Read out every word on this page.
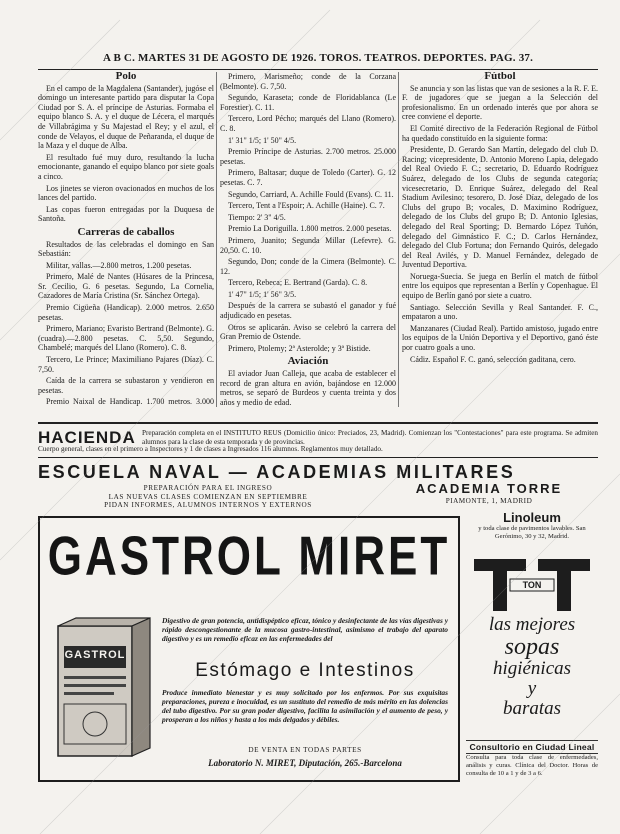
A B C. MARTES 31 DE AGOSTO DE 1926. TOROS. TEATROS. DEPORTES. PAG. 37.
Polo

En el campo de la Magdalena (Santander), jugóse el domingo un interesante partido para disputar la Copa Ciudad por S. A. el príncipe de Asturias. Formaba el equipo blanco S. A. y el duque de Lécera, el marqués de Villabrágima y Su Majestad el Rey; y el azul, el conde de Velayos, el duque de Peñaranda, el duque de la Maza y el duque de Alba.

El resultado fué muy duro, resultando la lucha emocionante, ganando el equipo blanco por siete goals a cinco.

Los jinetes se vieron ovacionados en muchos de los lances del partido.

Las copas fueron entregadas por la Duquesa de Santoña.

Carreras de caballos

Resultados de las celebradas el domingo en San Sebastián:

Militar, vallas.—2.800 metros, 1.200 pesetas.

Primero, Malé de Nantes (Húsares de la Princesa, Sr. Cecilio, G. 6 pesetas. Segundo, La Cornelia, Cazadores de María Cristina (Sr. Sánchez Ortega).

Premio Cigüeña (Handicap). 2.000 metros. 2.650 pesetas.

Primero, Mariano; Evaristo Bertrand (Belmonte). G. (cuadra).—2.800 pesetas. C. 5,50. Segundo, Chambelé; marqués del Llano (Romero). C. 8.

Tercero, Le Prince; Maximiliano Pajares (Díaz). C. 7,50.

Caída de la carrera se subastaron y vendieron en pesetas.

Premio Naixal de Handicap. 1.700 metros. 3.000

Primero, Marismeño; conde de la Corzana (Belmonte). G. 7,50.

Segundo, Karaseta; conde de Floridablanca (Le Forestier). C. 11.

Tercero, Lord Pécho; marqués del Llano (Romero). C. 8.

1' 31" 1/5; 1' 50" 4/5.

Premio Príncipe de Asturias. 2.700 metros. 25.000 pesetas.

Primero, Baltasar; duque de Toledo (Carter). G. 12 pesetas. C. 7.

Segundo, Carriard, A. Achille Fould (Evans). C. 11.

Tercero, Tent a l'Espoir; A. Achille (Haine). C. 7.

Tiempo: 2' 3" 4/5.

Premio La Doriguilla. 1.800 metros. 2.000 pesetas.

Primero, Juanito; Segunda Millar (Lefevre). G. 20,50. C. 10.

Segundo, Don; conde de la Cimera (Belmonte). C. 12.

Tercero, Rebeca; E. Bertrand (Garda). C. 8.

1' 47" 1/5; 1' 56" 3/5.

Después de la carrera se subastó el ganador y fué adjudicado en pesetas.

Otros se aplicarán. Aviso se celebró la carrera del Gran Premio de Ostende.

Primero, Ptolemy; 2ª Asterolde; y 3ª Bistide.

Aviación

El aviador Juan Calleja, que acaba de establecer el record de gran altura en avión, bajándose en 12.000 metros, se separó de Burdeos y cuenta treinta y dos años y medio de edad.

Fútbol

Se anuncia y son las listas que van de sesiones a la R. F. E. F. de jugadores que se juegan a la Selección del profesionalismo. En un ordenado interés que por ahora se cree conviene el deporte.

El Comité directivo de la Federación Regional de Fútbol ha quedado constituído en la siguiente forma:

Presidente, D. Gerardo San Martín, delegado del club D. Racing; vicepresidente, D. Antonio Moreno Lapia, delegado del Real Oviedo F. C.; secretario, D. Eduardo Rodríguez Suárez, delegado de los Clubs de segunda categoría; vicesecretario, D. Enrique Suárez, delegado del Real Stadium Avilesino; tesorero, D. José Díaz, delegado de los Clubs del grupo B; vocales, D. Maximino Rodríguez, delegado de los Clubs del grupo B; D. Antonio Iglesias, delegado del Real Sporting; D. Bernardo López Tuñón, delegado del Gimnástico F. C.; D. Carlos Hernández, delegado del Club Fortuna; don Fernando Quirós, delegado del Real Avilés, y D. Manuel Fernández, delegado de Juventud Deportiva.

Noruega-Suecia. Se juega en Berlín el match de fútbol entre los equipos que representan a Berlín y Copenhague. El equipo de Berlín ganó por siete a cuatro.

Santiago. Selección Sevilla y Real Santander. F. C., empataron a uno.

Manzanares (Ciudad Real). Partido amistoso, jugado entre los equipos de la Unión Deportiva y el Deportivo, ganó éste por cuatro goals a uno.

Cádiz. Español F. C. ganó, selección gaditana, cero.

HACIENDA Preparación completa en el INSTITUTO REUS (Domicilio único: Preciados, 23, Madrid). Comienzan los "Contestaciones" para este programa. Se admiten alumnos para la clase de esta temporada y de provincias.
Cuerpo general, clases en el primero a Inspectores y 1 de clases a Ingresados 116 alumnos. Reglamentos muy detallado.
ESCUELA NAVAL — ACADEMIAS MILITARES
PREPARACIÓN PARA EL INGRESO
LAS NUEVAS CLASES COMIENZAN EN SEPTIEMBRE
PIDAN INFORMES, ALUMNOS INTERNOS Y EXTERNOS
ACADEMIA TORRE
PIAMONTE, 1, MADRID
GASTROL MIRET
GASTROL
Digestivo de gran potencia, antidispéptico eficaz, tónico y desinfectante de las vías digestivas y rápido descongestionante de la mucosa gastro-intestinal, asimismo el trabajo del aparato digestivo y es un remedio eficaz en las enfermedades del
Estómago e Intestinos
Produce inmediato bienestar y es muy solicitado por los enfermos. Por sus exquisitas preparaciones, pureza e inocuidad, es un sustituto del remedio de más mérito en las dolencias del tubo digestivo. Por su gran poder digestivo, facilita la asimilación y el aumento de peso, y prosperan a los niños y hasta a los más delgados y débiles.
DE VENTA EN TODAS PARTES
Laboratorio N. MIRET, Diputación, 265.-Barcelona
Linoleum
y toda clase de pavimentos lavables. San Gerónimo, 30 y 32, Madrid.
TON
las mejores
sopas
higiénicas
y
baratas
Consultorio en Ciudad Lineal
Consulta para toda clase de enfermedades, análisis y curas. Clínica del Doctor. Horas de consulta de 10 a 1 y de 3 a 6.
